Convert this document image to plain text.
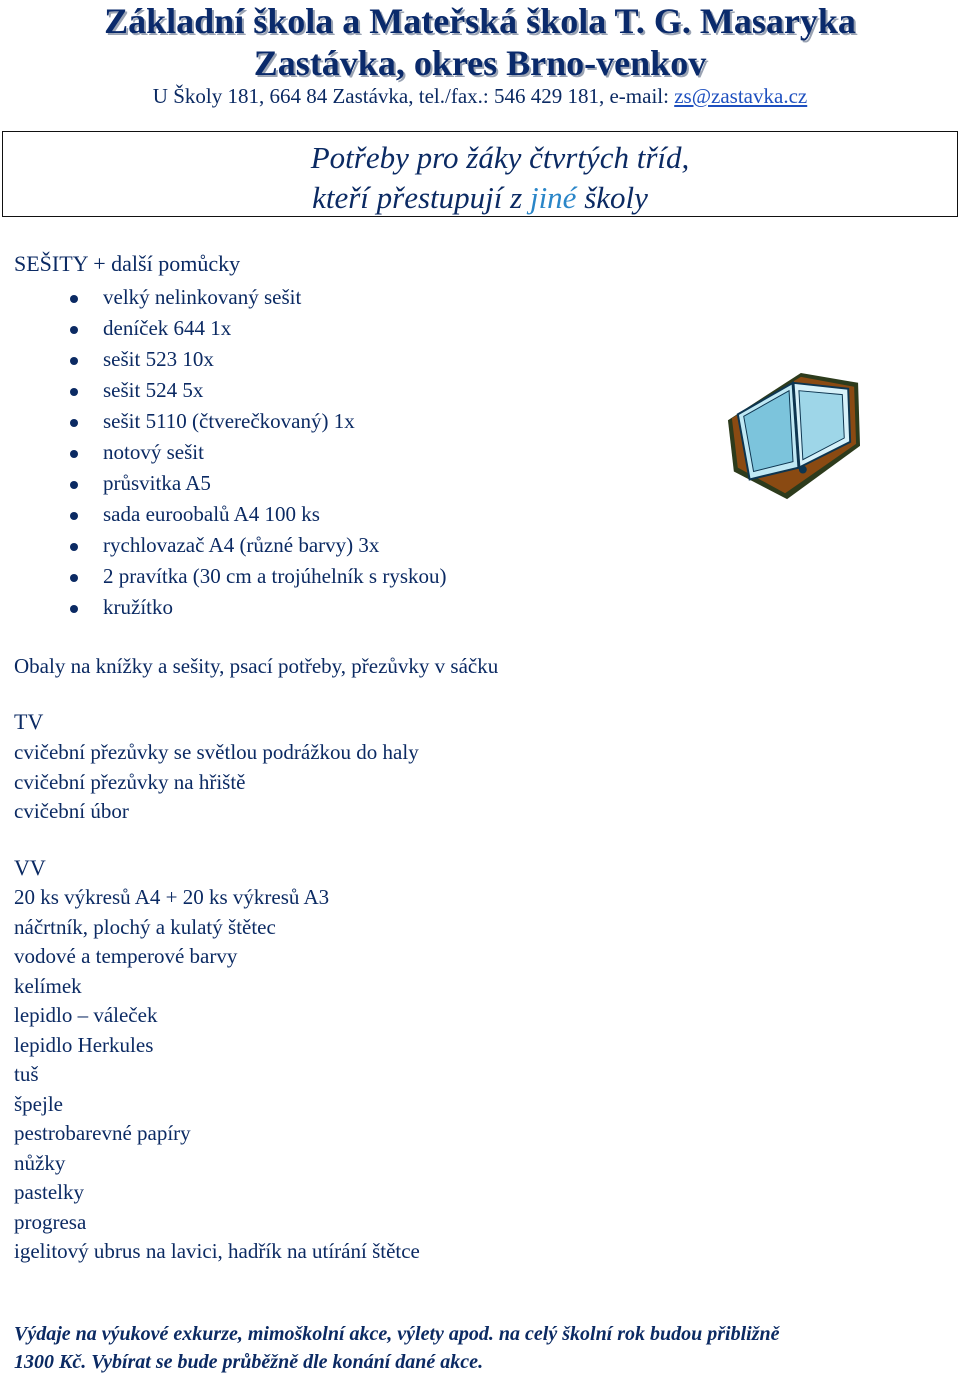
Základní škola a Mateřská škola T. G. Masaryka
Zastávka, okres Brno-venkov
U Školy 181, 664 84 Zastávka, tel./fax.: 546 429 181, e-mail: zs@zastavka.cz
Potřeby pro žáky čtvrtých tříd,
kteří přestupují z jiné školy
SEŠITY + další pomůcky
velký nelinkovaný sešit
deníček 644 1x
sešit 523 10x
sešit 524 5x
sešit 5110 (čtverečkovaný) 1x
notový sešit
průsvitka A5
sada euroobalů A4 100 ks
rychlovazač A4 (různé barvy) 3x
2 pravítka (30 cm a trojúhelník s ryskou)
kružítko
Obaly na knížky a sešity, psací potřeby, přezůvky v sáčku
TV
cvičební přezůvky se světlou podrážkou do haly
cvičební přezůvky na hřiště
cvičební úbor
VV
20 ks výkresů A4 + 20 ks výkresů A3
náčrtník, plochý a kulatý štětec
vodové a temperové barvy
kelímek
lepidlo – váleček
lepidlo Herkules
tuš
špejle
pestrobarevné papíry
nůžky
pastelky
progresa
igelitový ubrus na lavici, hadřík na utírání štětce
Výdaje na výukové exkurze, mimoškolní akce, výlety apod. na celý školní rok budou přibližně
1300 Kč. Vybírat se bude průběžně dle konání dané akce.
